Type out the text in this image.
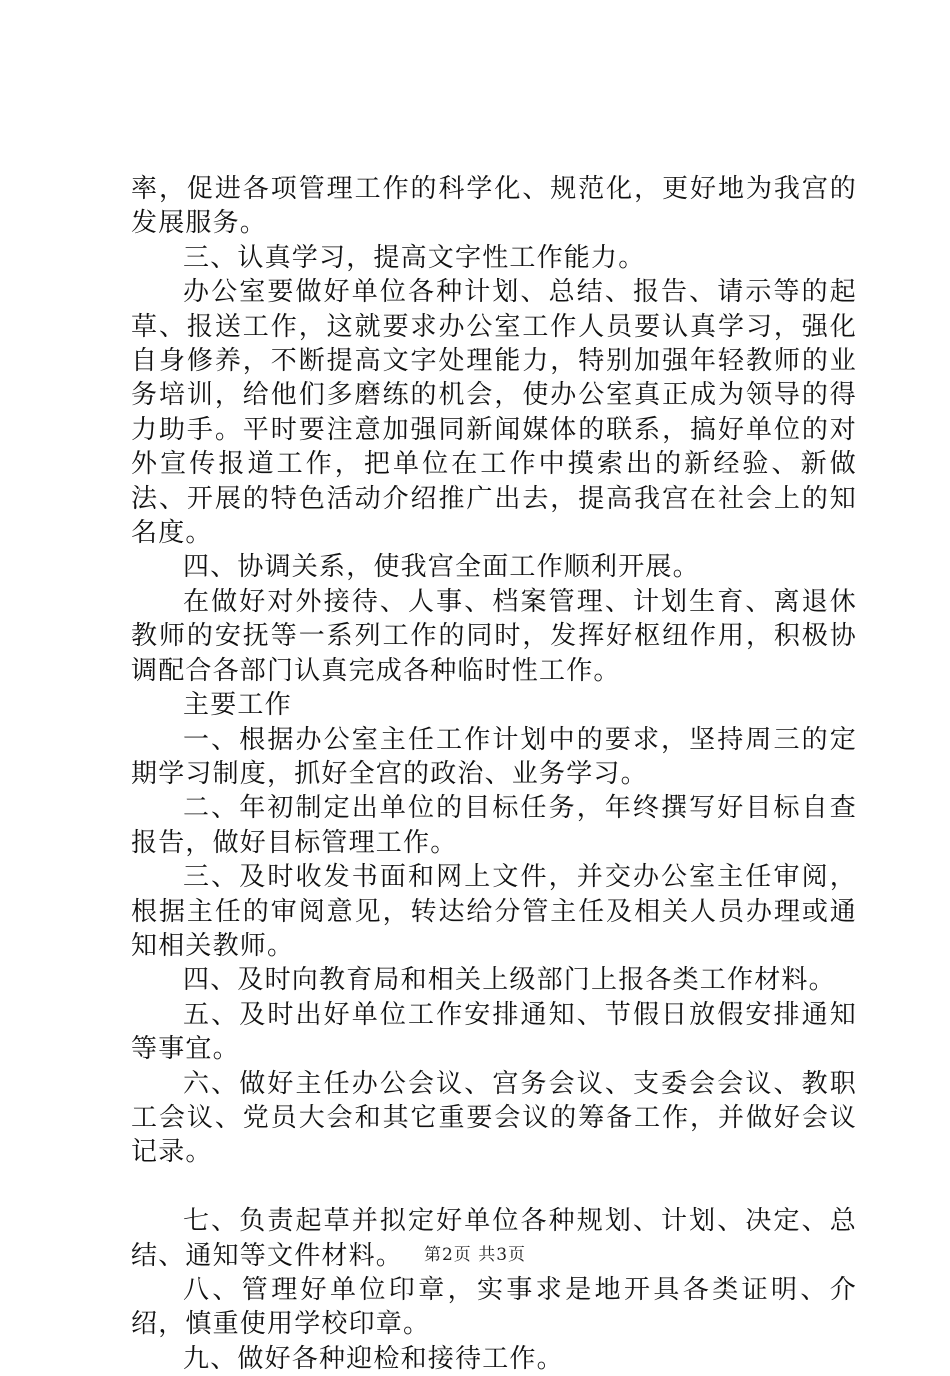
率，促进各项管理工作的科学化、规范化，更好地为我宫的发展服务。

三、认真学习，提高文字性工作能力。

办公室要做好单位各种计划、总结、报告、请示等的起草、报送工作，这就要求办公室工作人员要认真学习，强化自身修养，不断提高文字处理能力，特别加强年轻教师的业务培训，给他们多磨练的机会，使办公室真正成为领导的得力助手。平时要注意加强同新闻媒体的联系，搞好单位的对外宣传报道工作，把单位在工作中摸索出的新经验、新做法、开展的特色活动介绍推广出去，提高我宫在社会上的知名度。

四、协调关系，使我宫全面工作顺利开展。

在做好对外接待、人事、档案管理、计划生育、离退休教师的安抚等一系列工作的同时，发挥好枢纽作用，积极协调配合各部门认真完成各种临时性工作。

主要工作

一、根据办公室主任工作计划中的要求，坚持周三的定期学习制度，抓好全宫的政治、业务学习。

二、年初制定出单位的目标任务，年终撰写好目标自查报告，做好目标管理工作。

三、及时收发书面和网上文件，并交办公室主任审阅，根据主任的审阅意见，转达给分管主任及相关人员办理或通知相关教师。

四、及时向教育局和相关上级部门上报各类工作材料。

五、及时出好单位工作安排通知、节假日放假安排通知等事宜。

六、做好主任办公会议、宫务会议、支委会会议、教职工会议、党员大会和其它重要会议的筹备工作，并做好会议记录。

七、负责起草并拟定好单位各种规划、计划、决定、总结、通知等文件材料。

八、管理好单位印章，实事求是地开具各类证明、介绍，慎重使用学校印章。

九、做好各种迎检和接待工作。

第2页 共3页
